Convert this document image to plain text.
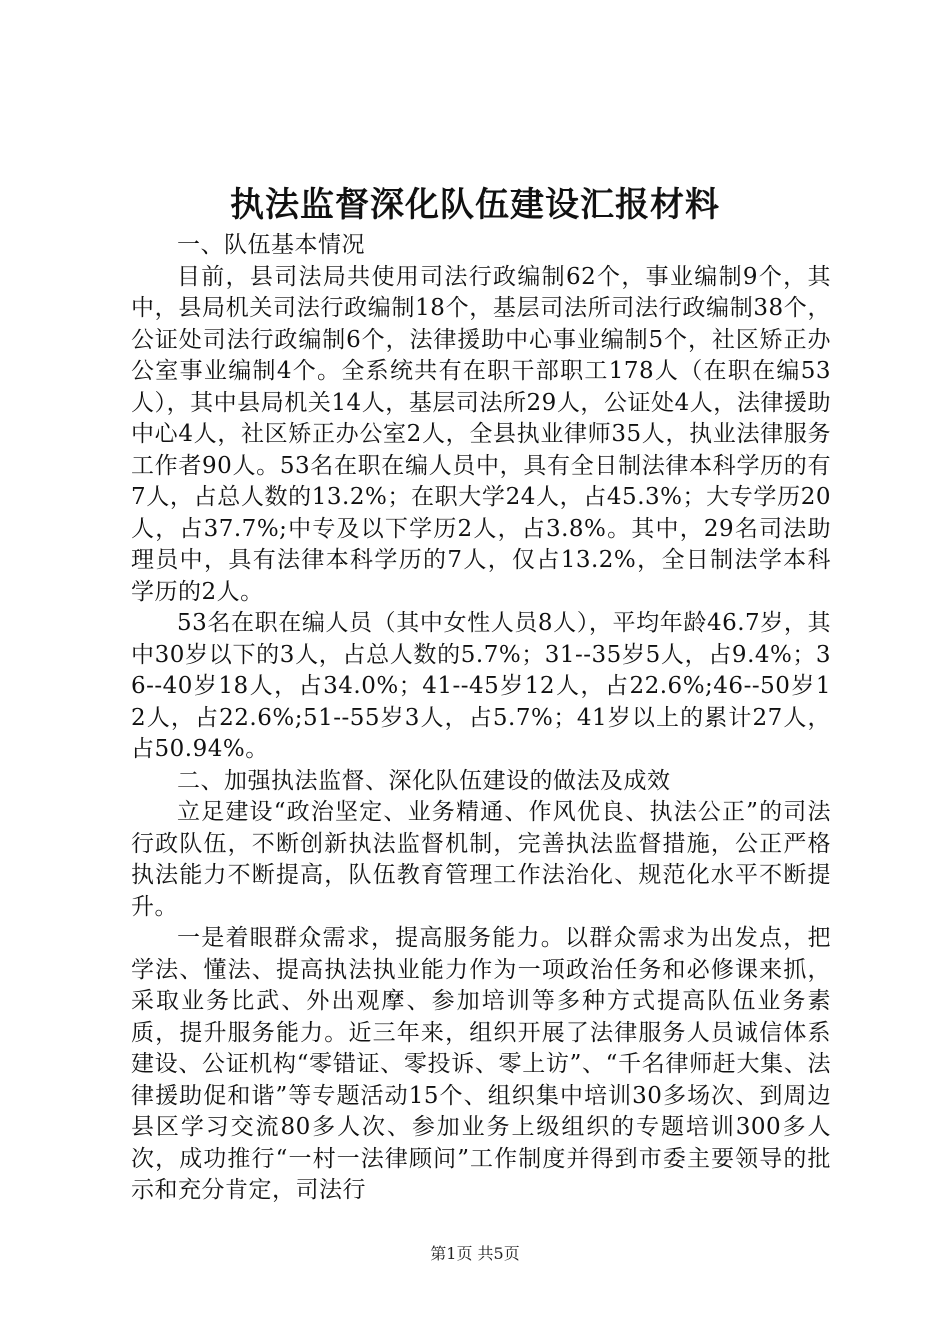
执法监督深化队伍建设汇报材料

一、队伍基本情况

目前，县司法局共使用司法行政编制62个，事业编制9个，其中，县局机关司法行政编制18个，基层司法所司法行政编制38个，公证处司法行政编制6个，法律援助中心事业编制5个，社区矫正办公室事业编制4个。全系统共有在职干部职工178人（在职在编53人），其中县局机关14人，基层司法所29人，公证处4人，法律援助中心4人，社区矫正办公室2人，全县执业律师35人，执业法律服务工作者90人。53名在职在编人员中，具有全日制法律本科学历的有7人，占总人数的13.2%；在职大学24人，占45.3%；大专学历20人，占37.7%;中专及以下学历2人，占3.8%。其中，29名司法助理员中，具有法律本科学历的7人，仅占13.2%，全日制法学本科学历的2人。

53名在职在编人员（其中女性人员8人），平均年龄46.7岁，其中30岁以下的3人，占总人数的5.7%；31--35岁5人，占9.4%；36--40岁18人，占34.0%；41--45岁12人，占22.6%;46--50岁12人，占22.6%;51--55岁3人，占5.7%；41岁以上的累计27人，占50.94%。

二、加强执法监督、深化队伍建设的做法及成效

立足建设“政治坚定、业务精通、作风优良、执法公正”的司法行政队伍，不断创新执法监督机制，完善执法监督措施，公正严格执法能力不断提高，队伍教育管理工作法治化、规范化水平不断提升。

一是着眼群众需求，提高服务能力。以群众需求为出发点，把学法、懂法、提高执法执业能力作为一项政治任务和必修课来抓，采取业务比武、外出观摩、参加培训等多种方式提高队伍业务素质，提升服务能力。近三年来，组织开展了法律服务人员诚信体系建设、公证机构“零错证、零投诉、零上访”、“千名律师赶大集、法律援助促和谐”等专题活动15个、组织集中培训30多场次、到周边县区学习交流80多人次、参加业务上级组织的专题培训300多人次，成功推行“一村一法律顾问”工作制度并得到市委主要领导的批示和充分肯定，司法行

第1页 共5页
